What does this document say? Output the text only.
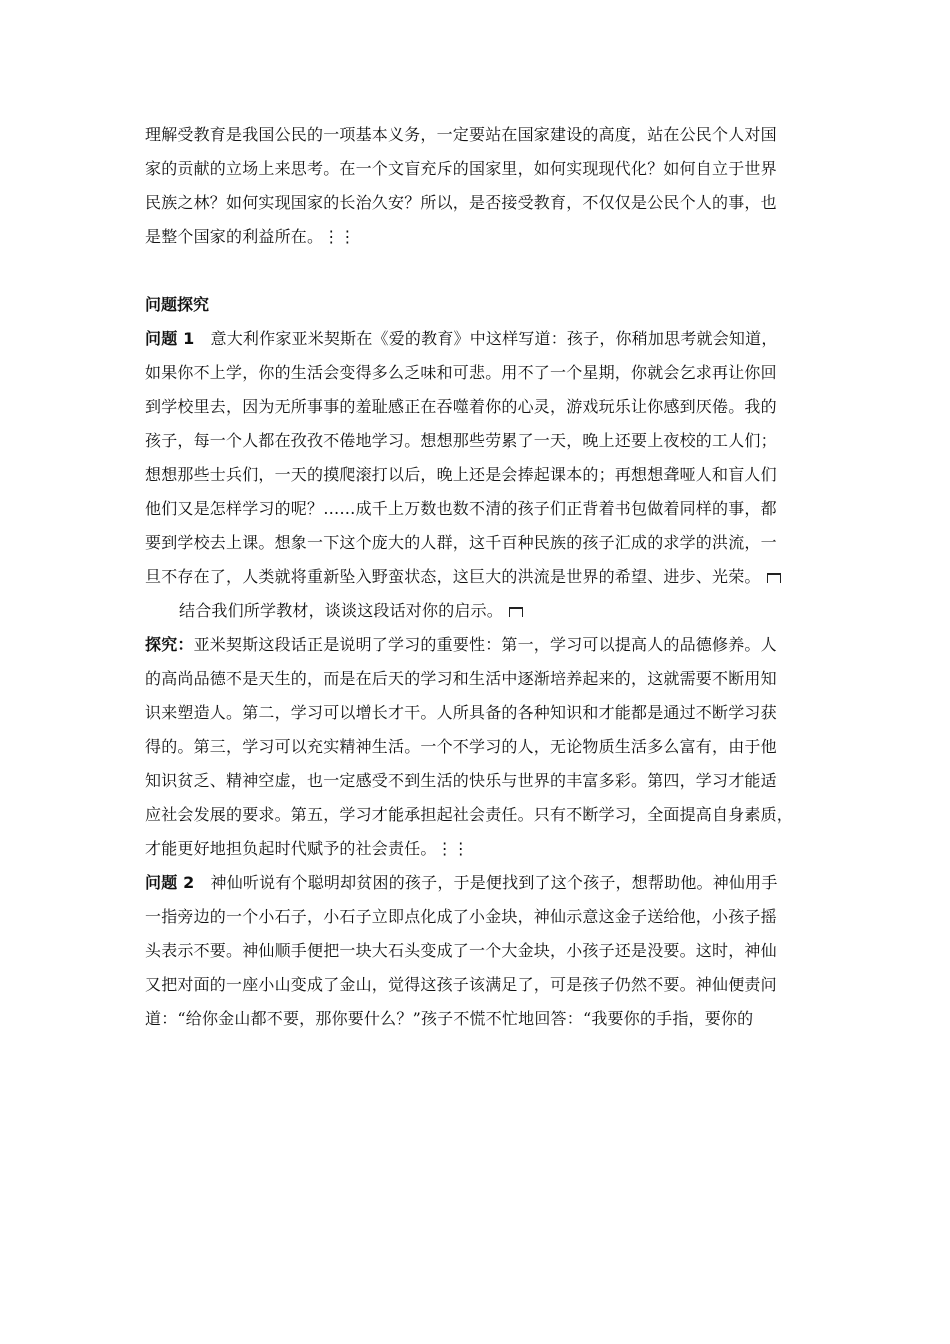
理解受教育是我国公民的一项基本义务，一定要站在国家建设的高度，站在公民个人对国
家的贡献的立场上来思考。在一个文盲充斥的国家里，如何实现现代化？如何自立于世界
民族之林？如何实现国家的长治久安？所以，是否接受教育，不仅仅是公民个人的事，也
是整个国家的利益所在。⋮⋮
问题探究
问题 1 意大利作家亚米契斯在《爱的教育》中这样写道：孩子，你稍加思考就会知道，
如果你不上学，你的生活会变得多么乏味和可悲。用不了一个星期，你就会乞求再让你回
到学校里去，因为无所事事的羞耻感正在吞噬着你的心灵，游戏玩乐让你感到厌倦。我的
孩子，每一个人都在孜孜不倦地学习。想想那些劳累了一天，晚上还要上夜校的工人们；
想想那些士兵们，一天的摸爬滚打以后，晚上还是会捧起课本的；再想想聋哑人和盲人们
他们又是怎样学习的呢？……成千上万数也数不清的孩子们正背着书包做着同样的事，都
要到学校去上课。想象一下这个庞大的人群，这千百种民族的孩子汇成的求学的洪流，一
旦不存在了，人类就将重新坠入野蛮状态，这巨大的洪流是世界的希望、进步、光荣。
结合我们所学教材，谈谈这段话对你的启示。
探究：亚米契斯这段话正是说明了学习的重要性：第一，学习可以提高人的品德修养。人
的高尚品德不是天生的，而是在后天的学习和生活中逐渐培养起来的，这就需要不断用知
识来塑造人。第二，学习可以增长才干。人所具备的各种知识和才能都是通过不断学习获
得的。第三，学习可以充实精神生活。一个不学习的人，无论物质生活多么富有，由于他
知识贫乏、精神空虚，也一定感受不到生活的快乐与世界的丰富多彩。第四，学习才能适
应社会发展的要求。第五，学习才能承担起社会责任。只有不断学习，全面提高自身素质，
才能更好地担负起时代赋予的社会责任。⋮⋮
问题 2 神仙听说有个聪明却贫困的孩子，于是便找到了这个孩子，想帮助他。神仙用手
一指旁边的一个小石子，小石子立即点化成了小金块，神仙示意这金子送给他，小孩子摇
头表示不要。神仙顺手便把一块大石头变成了一个大金块，小孩子还是没要。这时，神仙
又把对面的一座小山变成了金山，觉得这孩子该满足了，可是孩子仍然不要。神仙便责问
道：“给你金山都不要，那你要什么？”孩子不慌不忙地回答：“我要你的手指，要你的
